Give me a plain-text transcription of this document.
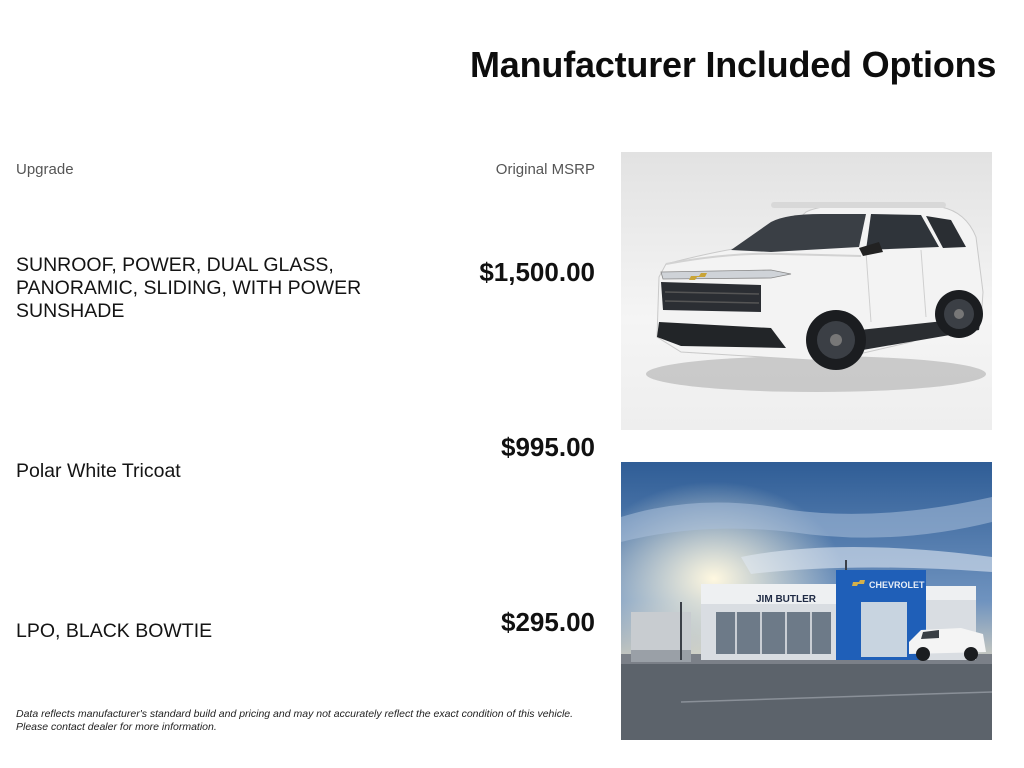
Manufacturer Included Options
Upgrade	Original MSRP
SUNROOF, POWER, DUAL GLASS, PANORAMIC, SLIDING, WITH POWER SUNSHADE
$1,500.00
Polar White Tricoat
$995.00
LPO, BLACK BOWTIE	$295.00
Data reflects manufacturer's standard build and pricing and may not accurately reflect the exact condition of this vehicle.
Please contact dealer for more information.
JIM BUTLER
CHEVROLET
